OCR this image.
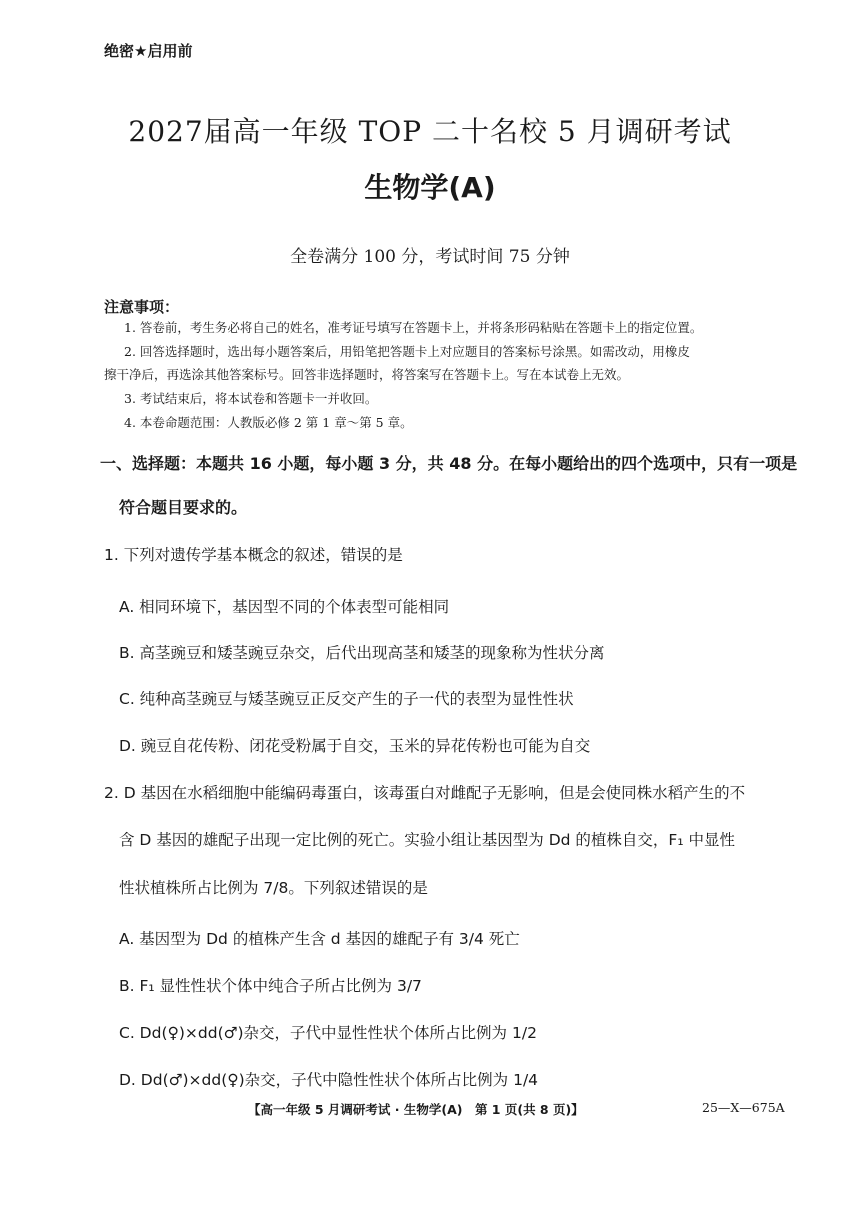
绝密★启用前
2027届高一年级 TOP 二十名校 5 月调研考试
生物学(A)
全卷满分 100 分，考试时间 75 分钟
注意事项：
1. 答卷前，考生务必将自己的姓名，准考证号填写在答题卡上，并将条形码粘贴在答题卡上的指定位置。
2. 回答选择题时，选出每小题答案后，用铅笔把答题卡上对应题目的答案标号涂黑。如需改动，用橡皮
擦干净后，再选涂其他答案标号。回答非选择题时，将答案写在答题卡上。写在本试卷上无效。
3. 考试结束后，将本试卷和答题卡一并收回。
4. 本卷命题范围：人教版必修 2 第 1 章～第 5 章。
一、选择题：本题共 16 小题，每小题 3 分，共 48 分。在每小题给出的四个选项中，只有一项是
符合题目要求的。
1. 下列对遗传学基本概念的叙述，错误的是
A. 相同环境下，基因型不同的个体表型可能相同
B. 高茎豌豆和矮茎豌豆杂交，后代出现高茎和矮茎的现象称为性状分离
C. 纯种高茎豌豆与矮茎豌豆正反交产生的子一代的表型为显性性状
D. 豌豆自花传粉、闭花受粉属于自交，玉米的异花传粉也可能为自交
2. D 基因在水稻细胞中能编码毒蛋白，该毒蛋白对雌配子无影响，但是会使同株水稻产生的不
含 D 基因的雄配子出现一定比例的死亡。实验小组让基因型为 Dd 的植株自交，F₁ 中显性
性状植株所占比例为 7/8。下列叙述错误的是
A. 基因型为 Dd 的植株产生含 d 基因的雄配子有 3/4 死亡
B. F₁ 显性性状个体中纯合子所占比例为 3/7
C. Dd(♀)×dd(♂)杂交，子代中显性性状个体所占比例为 1/2
D. Dd(♂)×dd(♀)杂交，子代中隐性性状个体所占比例为 1/4
【高一年级 5 月调研考试 · 生物学(A)　第 1 页(共 8 页)】	25—X—675A
